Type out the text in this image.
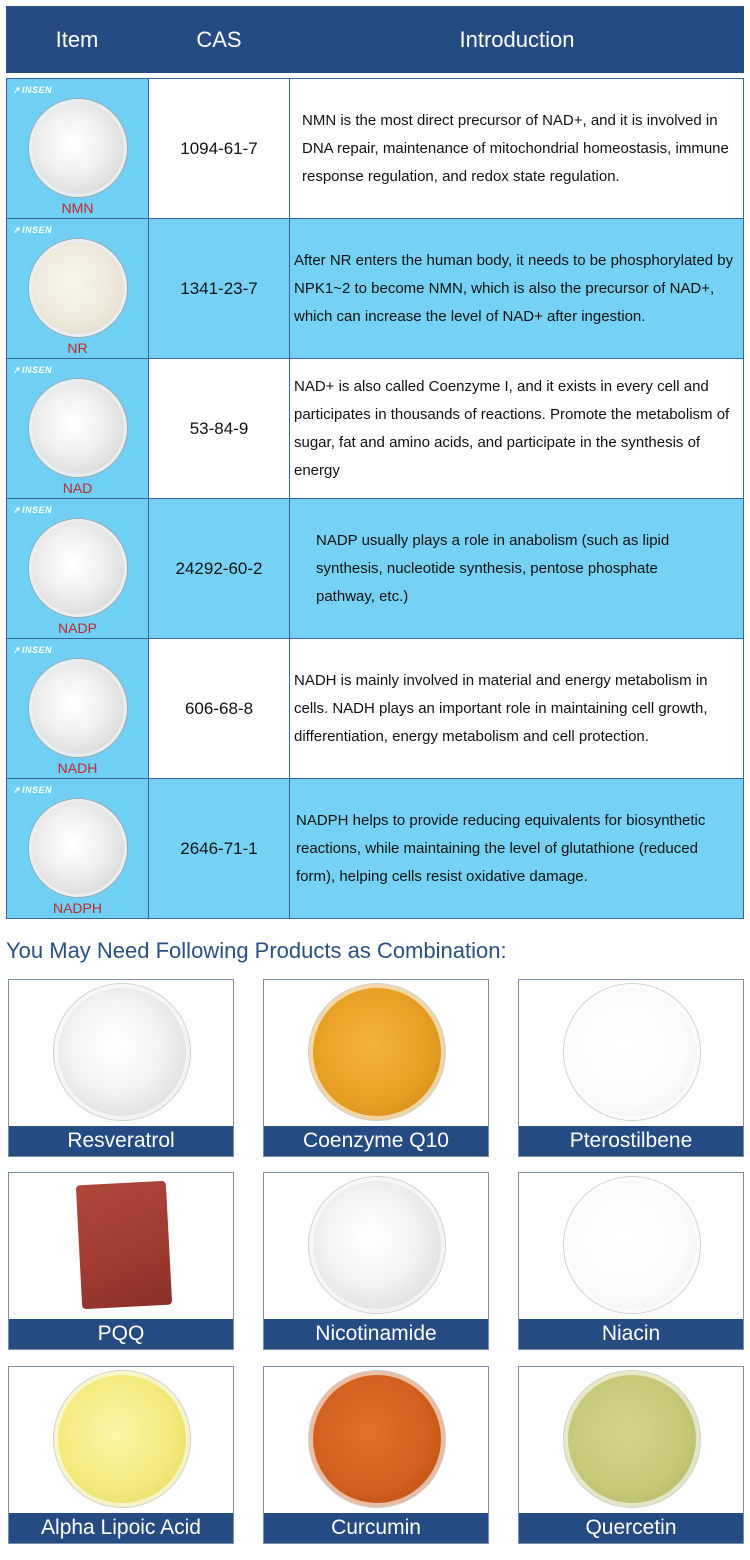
Item	CAS	Introduction
↗ INSEN
NMN
1094-61-7
NMN is the most direct precursor of NAD+, and it is involved in DNA repair, maintenance of mitochondrial homeostasis, immune response regulation, and redox state regulation.
↗ INSEN
NR
1341-23-7
After NR enters the human body, it needs to be phosphorylated by NPK1~2 to become NMN, which is also the precursor of NAD+, which can increase the level of NAD+ after ingestion.
↗ INSEN
NAD
53-84-9
NAD+ is also called Coenzyme I, and it exists in every cell and participates in thousands of reactions. Promote the metabolism of sugar, fat and amino acids, and participate in the synthesis of energy
↗ INSEN
NADP
24292-60-2
NADP usually plays a role in anabolism (such as lipid synthesis, nucleotide synthesis, pentose phosphate pathway, etc.)
↗ INSEN
NADH
606-68-8
NADH is mainly involved in material and energy metabolism in cells. NADH plays an important role in maintaining cell growth, differentiation, energy metabolism and cell protection.
↗ INSEN
NADPH
2646-71-1
NADPH helps to provide reducing equivalents for biosynthetic reactions, while maintaining the level of glutathione (reduced form), helping cells resist oxidative damage.
You May Need Following Products as Combination:
Resveratrol	Coenzyme Q10	Pterostilbene
PQQ	Nicotinamide	Niacin
Alpha Lipoic Acid	Curcumin	Quercetin
